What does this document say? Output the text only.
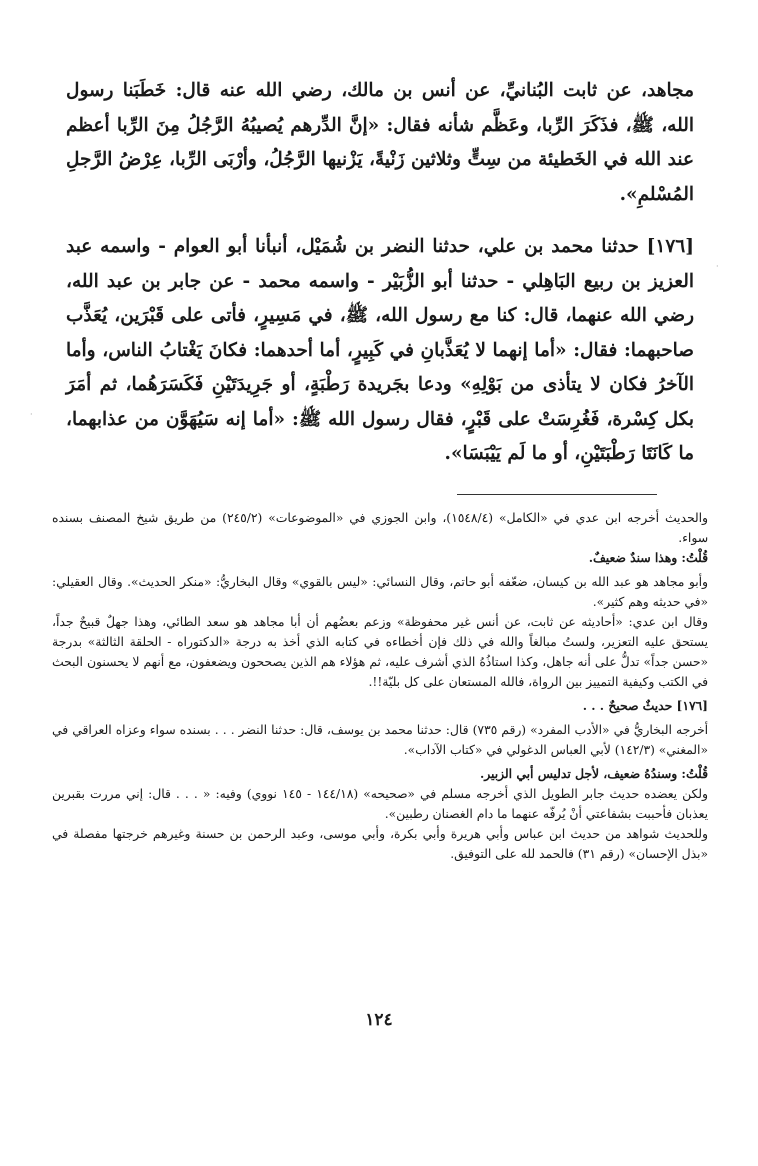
مجاهد، عن ثابت البُنانيِّ، عن أنس بن مالك، رضي الله عنه قال: خَطَبَنا رسول الله، ﷺ، فذَكَرَ الرِّبا، وعَظَّم شأنه فقال: «إنَّ الدِّرهم يُصيبُهُ الرَّجُلُ مِنَ الرِّبا أعظم عند الله في الخَطيئة من سِتٍّ وثلاثين زَنْيةً، يَزْنيها الرَّجُلُ، وأرْبَى الرِّبا، عِرْضُ الرَّجلِ المُسْلمِ».

[١٧٦] حدثنا محمد بن علي، حدثنا النضر بن شُمَيْل، أنبأنا أبو العوام - واسمه عبد العزيز بن ربيع البَاهِلي - حدثنا أبو الزُّبَيْر - واسمه محمد - عن جابر بن عبد الله، رضي الله عنهما، قال: كنا مع رسول الله، ﷺ، في مَسِيرٍ، فأتى على قَبْرَين، يُعَذَّب صاحبهما: فقال: «أما إنهما لا يُعَذَّبانِ في كَبِيرٍ، أما أحدهما: فكانَ يَغْتابُ الناس، وأما الآخرُ فكان لا يتأذى من بَوْلِهِ» ودعا بجَريدة رَطْبَةٍ، أو جَرِيدَتَيْنِ فَكَسَرَهُما، ثم أمَرَ بكل كِسْرة، فَغُرِسَتْ على قَبْرٍ، فقال رسول الله ﷺ: «أما إنه سَيُهَوَّن من عذابهما، ما كَانَتَا رَطْبَتَيْنِ، أو ما لَم يَيْبَسَا».

والحديث أخرجه ابن عدي في «الكامل» (١٥٤٨/٤)، وابن الجوزي في «الموضوعات» (٢٤٥/٢) من طريق شيخ المصنف بسنده سواء.

قُلْتُ: وهذا سندٌ ضعيفٌ.

وأبو مجاهد هو عبد الله بن كيسان، ضعّفه أبو حاتم، وقال النسائي: «ليس بالقوي» وقال البخاريُّ: «منكر الحديث». وقال العقيلي: «في حديثه وهم كثير».

وقال ابن عدي: «أحاديثه عن ثابت، عن أنس غير محفوظة» وزعم بعضُهم أن أبا مجاهد هو سعد الطائي، وهذا جهلٌ قبيحٌ جداً، يستحق عليه التعزير، ولستُ مبالغاً والله في ذلك فإن أخطاءه في كتابه الذي أخذ به درجة «الدكتوراه - الحلقة الثالثة» بدرجة «حسن جداً» تدلُّ على أنه جاهل، وكذا استاذُهُ الذي أشرف عليه، ثم هؤلاء هم الذين يصححون ويضعفون، مع أنهم لا يحسنون البحث في الكتب وكيفية التمييز بين الرواة، فالله المستعان على كل بليّة!!.

[١٧٦] حديثٌ صحيحٌ . . .

أخرجه البخاريُّ في «الأدب المفرد» (رقم ٧٣٥) قال: حدثنا محمد بن يوسف، قال: حدثنا النضر . . . بسنده سواء وعزاه العراقي في «المغني» (١٤٢/٣) لأبي العباس الدغولي في «كتاب الآداب».

قُلْتُ: وسندُهُ ضعيف، لأجل تدليس أبي الزبير.

ولكن يعضده حديث جابر الطويل الذي أخرجه مسلم في «صحيحه» (١٤٤/١٨ - ١٤٥ نووي) وفيه: « . . . قال: إني مررت بقبرين يعذبان فأحببت بشفاعتي أنْ يُرفّه عنهما ما دام الغصنان رطبين».

وللحديث شواهد من حديث ابن عباس وأبي هريرة وأبي بكرة، وأبي موسى، وعبد الرحمن بن حسنة وغيرهم خرجتها مفصلة في «بذل الإحسان» (رقم ٣١) فالحمد لله على التوفيق.

١٢٤
·
·
